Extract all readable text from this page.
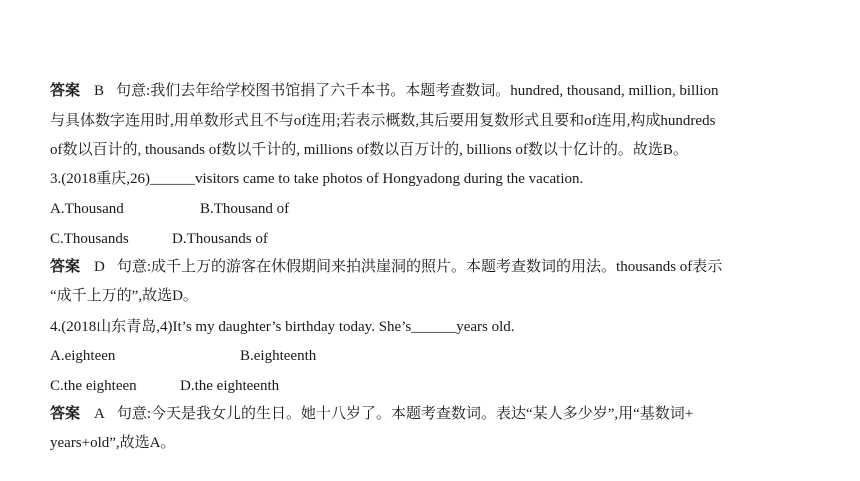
答案 B 句意:我们去年给学校图书馆捐了六千本书。本题考查数词。hundred, thousand, million, billion
与具体数字连用时,用单数形式且不与of连用;若表示概数,其后要用复数形式且要和of连用,构成hundreds
of数以百计的, thousands of数以千计的, millions of数以百万计的, billions of数以十亿计的。故选B。
3.(2018重庆,26)______visitors came to take photos of Hongyadong during the vacation.
A.Thousand	B.Thousand of
C.Thousands	D.Thousands of
答案 D 句意:成千上万的游客在休假期间来拍洪崖洞的照片。本题考查数词的用法。thousands of表示
“成千上万的”,故选D。
4.(2018山东青岛,4)It’s my daughter’s birthday today. She’s______years old.
A.eighteen	B.eighteenth
C.the eighteen	D.the eighteenth
答案 A 句意:今天是我女儿的生日。她十八岁了。本题考查数词。表达“某人多少岁”,用“基数词+
years+old”,故选A。
